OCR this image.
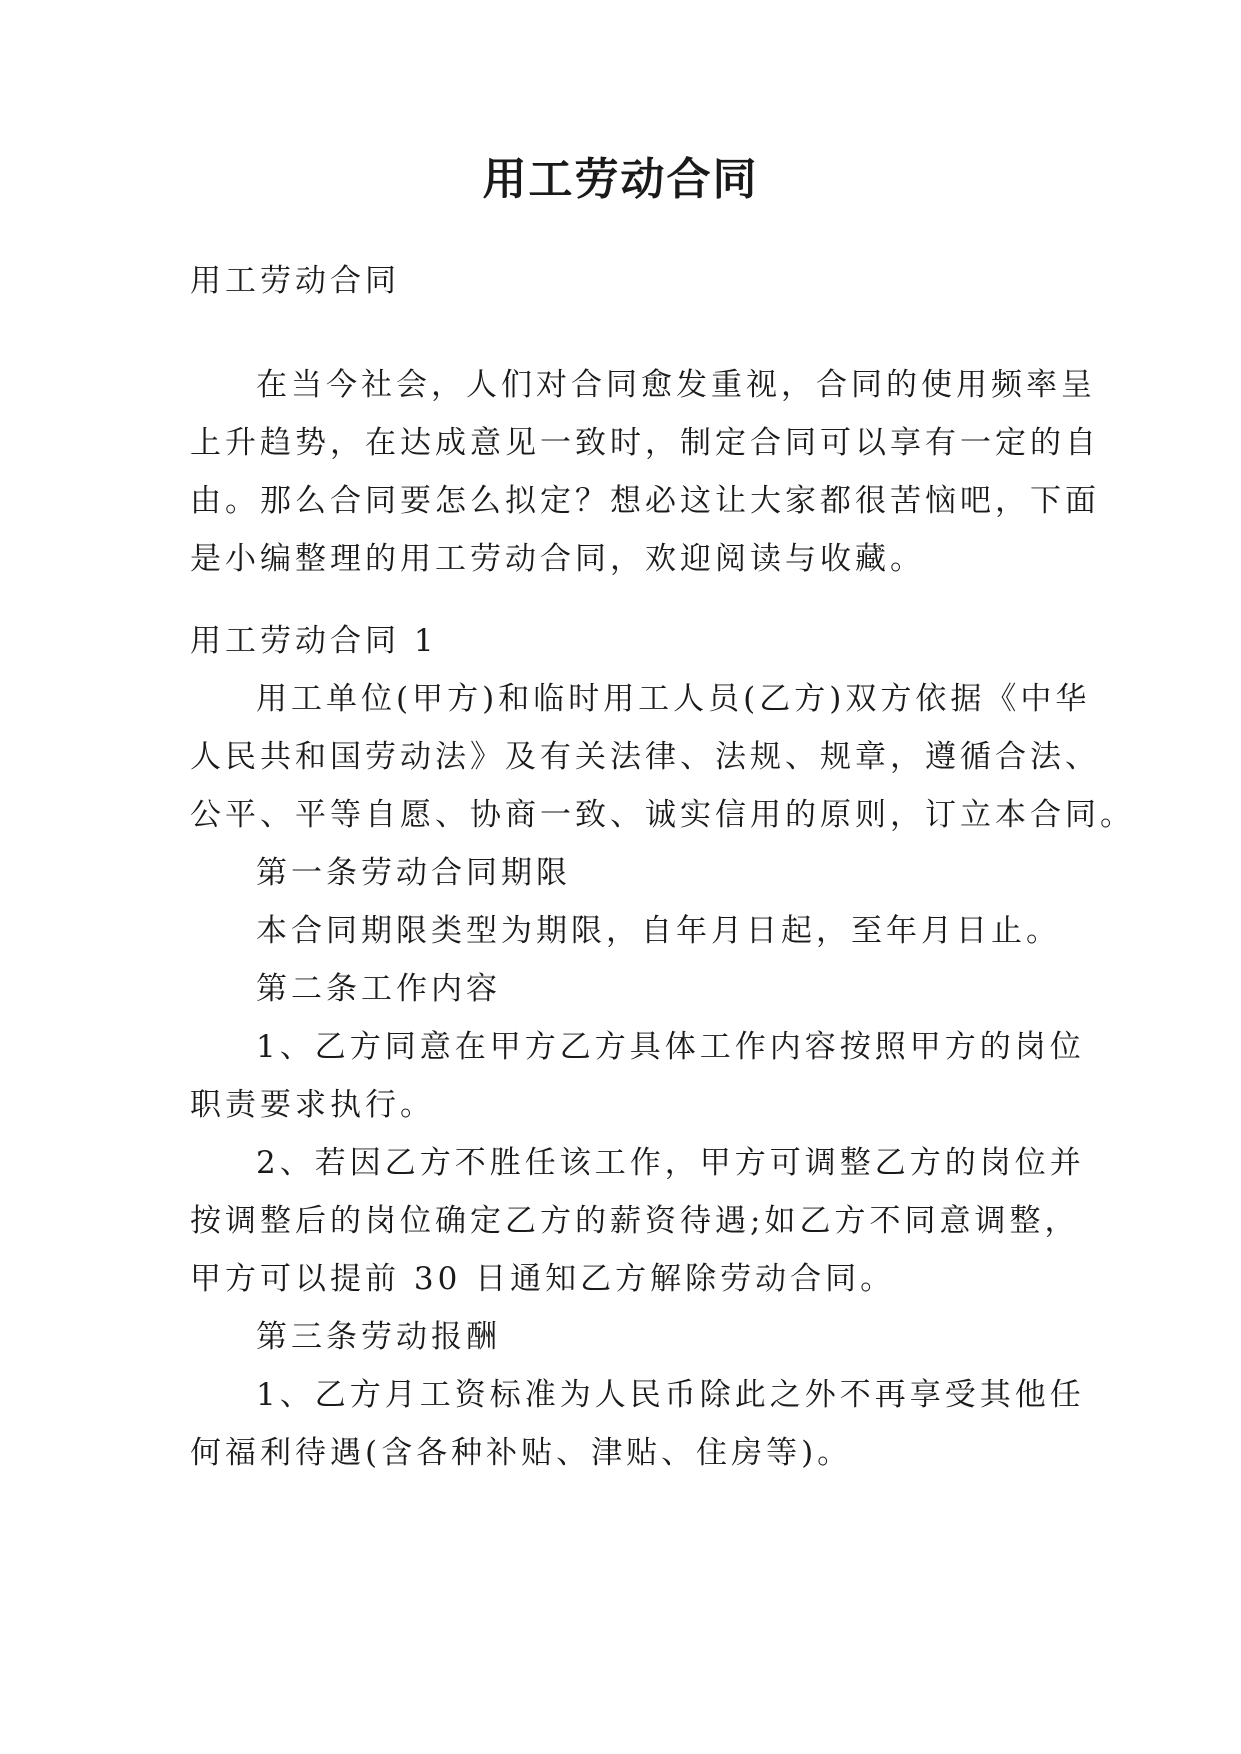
用工劳动合同
用工劳动合同
在当今社会，人们对合同愈发重视，合同的使用频率呈
上升趋势，在达成意见一致时，制定合同可以享有一定的自
由。那么合同要怎么拟定？想必这让大家都很苦恼吧，下面
是小编整理的用工劳动合同，欢迎阅读与收藏。
用工劳动合同 1
用工单位(甲方)和临时用工人员(乙方)双方依据《中华
人民共和国劳动法》及有关法律、法规、规章，遵循合法、
公平、平等自愿、协商一致、诚实信用的原则，订立本合同。
第一条劳动合同期限
本合同期限类型为期限，自年月日起，至年月日止。
第二条工作内容
1、乙方同意在甲方乙方具体工作内容按照甲方的岗位
职责要求执行。
2、若因乙方不胜任该工作，甲方可调整乙方的岗位并
按调整后的岗位确定乙方的薪资待遇;如乙方不同意调整，
甲方可以提前 30 日通知乙方解除劳动合同。
第三条劳动报酬
1、乙方月工资标准为人民币除此之外不再享受其他任
何福利待遇(含各种补贴、津贴、住房等)。
